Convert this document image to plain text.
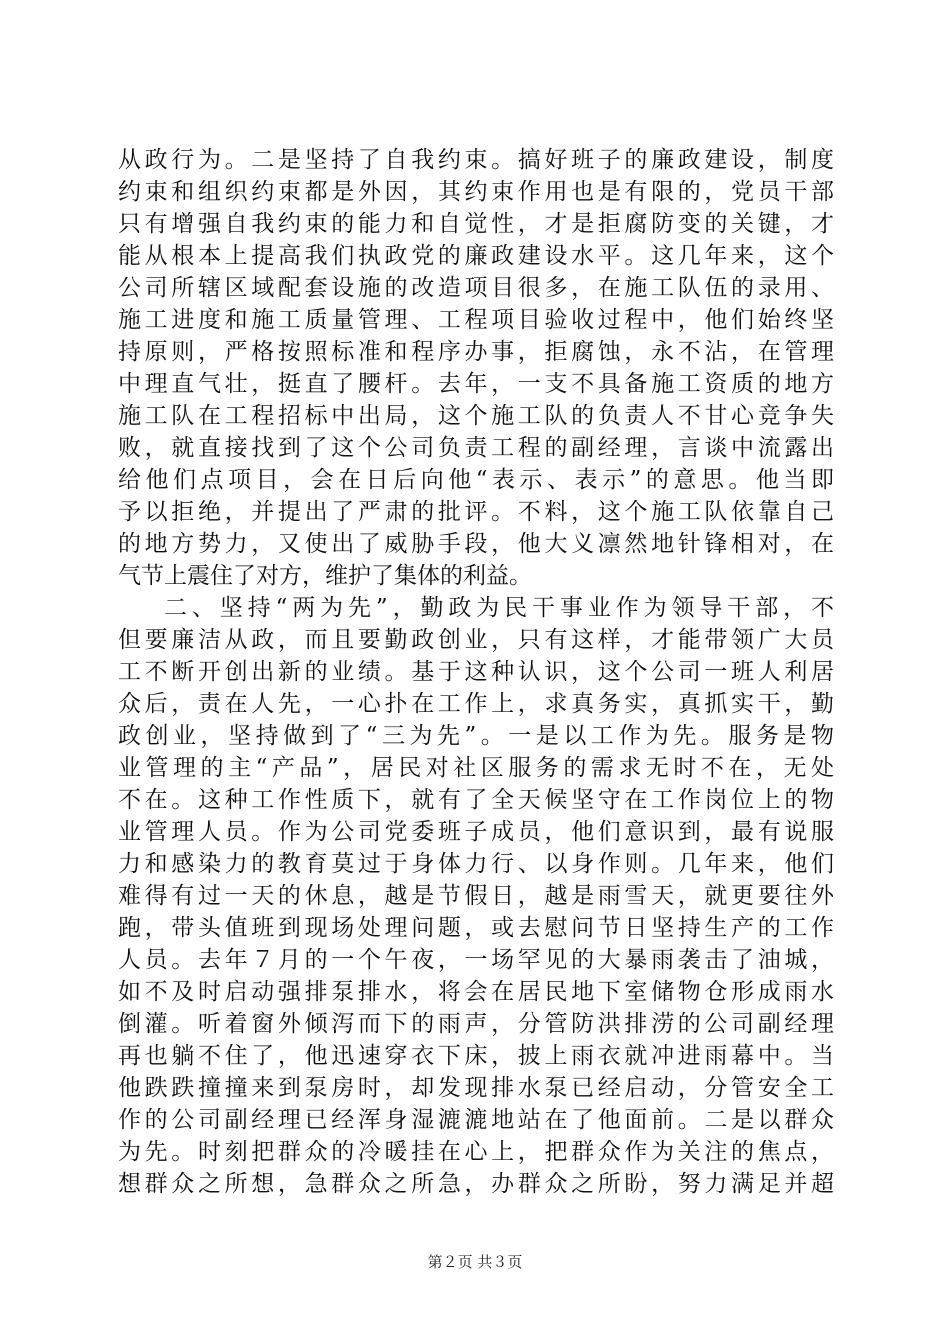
从政行为。二是坚持了自我约束。搞好班子的廉政建设，制度
约束和组织约束都是外因，其约束作用也是有限的，党员干部
只有增强自我约束的能力和自觉性，才是拒腐防变的关键，才
能从根本上提高我们执政党的廉政建设水平。这几年来，这个
公司所辖区域配套设施的改造项目很多，在施工队伍的录用、
施工进度和施工质量管理、工程项目验收过程中，他们始终坚
持原则，严格按照标准和程序办事，拒腐蚀，永不沾，在管理
中理直气壮，挺直了腰杆。去年，一支不具备施工资质的地方
施工队在工程招标中出局，这个施工队的负责人不甘心竞争失
败，就直接找到了这个公司负责工程的副经理，言谈中流露出
给他们点项目，会在日后向他“表示、表示”的意思。他当即
予以拒绝，并提出了严肃的批评。不料，这个施工队依靠自己
的地方势力，又使出了威胁手段，他大义凛然地针锋相对，在
气节上震住了对方，维护了集体的利益。
二、坚持“两为先”，勤政为民干事业作为领导干部，不
但要廉洁从政，而且要勤政创业，只有这样，才能带领广大员
工不断开创出新的业绩。基于这种认识，这个公司一班人利居
众后，责在人先，一心扑在工作上，求真务实，真抓实干，勤
政创业，坚持做到了“三为先”。一是以工作为先。服务是物
业管理的主“产品”，居民对社区服务的需求无时不在，无处
不在。这种工作性质下，就有了全天候坚守在工作岗位上的物
业管理人员。作为公司党委班子成员，他们意识到，最有说服
力和感染力的教育莫过于身体力行、以身作则。几年来，他们
难得有过一天的休息，越是节假日，越是雨雪天，就更要往外
跑，带头值班到现场处理问题，或去慰问节日坚持生产的工作
人员。去年７月的一个午夜，一场罕见的大暴雨袭击了油城，
如不及时启动强排泵排水，将会在居民地下室储物仓形成雨水
倒灌。听着窗外倾泻而下的雨声，分管防洪排涝的公司副经理
再也躺不住了，他迅速穿衣下床，披上雨衣就冲进雨幕中。当
他跌跌撞撞来到泵房时，却发现排水泵已经启动，分管安全工
作的公司副经理已经浑身湿漉漉地站在了他面前。二是以群众
为先。时刻把群众的冷暖挂在心上，把群众作为关注的焦点，
想群众之所想，急群众之所急，办群众之所盼，努力满足并超
第２页 共３页
